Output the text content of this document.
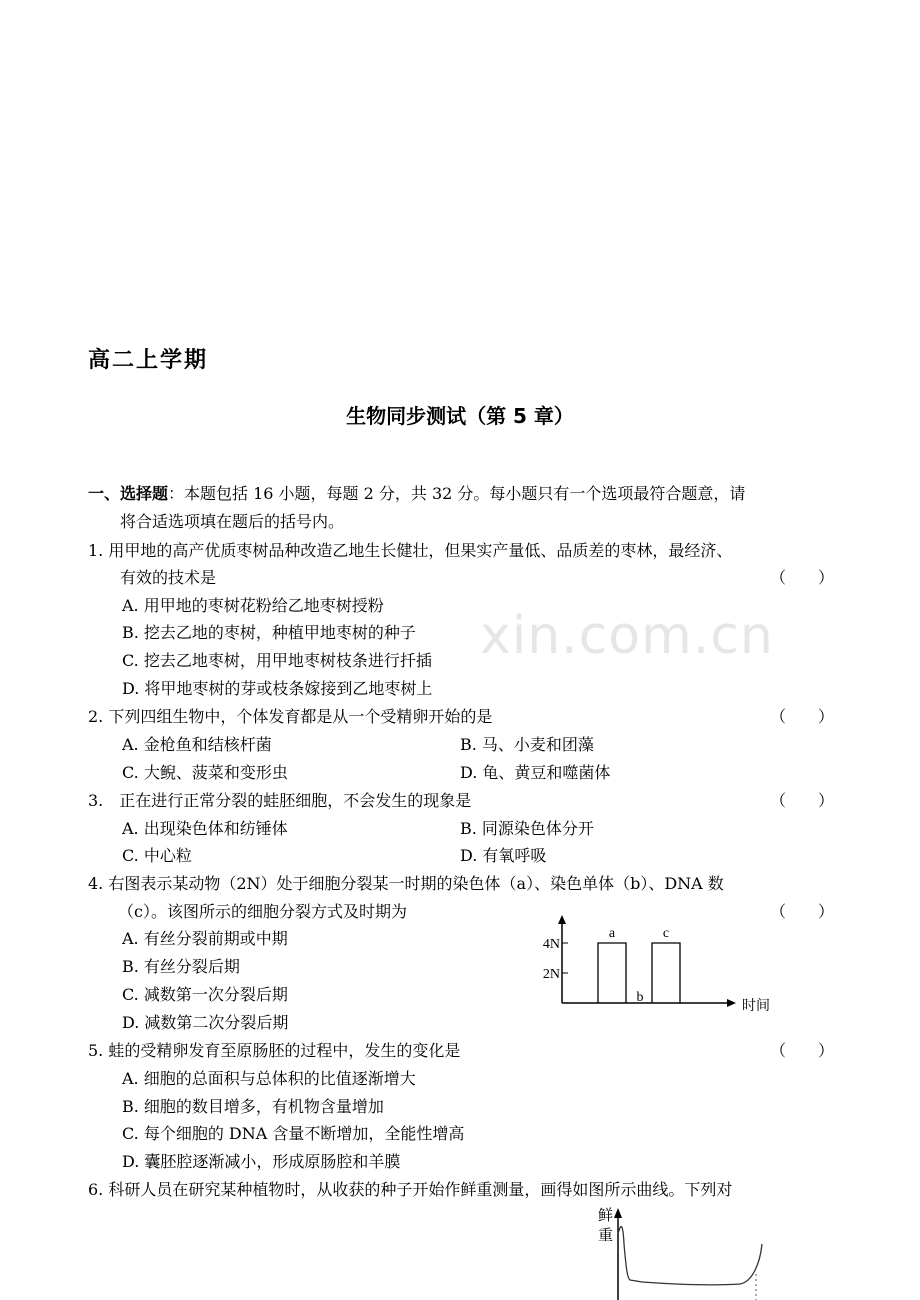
高二上学期
生物同步测试（第 5 章）
xin.com.cn
一、选择题：本题包括 16 小题，每题 2 分，共 32 分。每小题只有一个选项最符合题意，请
将合适选项填在题后的括号内。
1. 用甲地的高产优质枣树品种改造乙地生长健壮，但果实产量低、品质差的枣林，最经济、
有效的技术是	（　　）
A. 用甲地的枣树花粉给乙地枣树授粉
B. 挖去乙地的枣树，种植甲地枣树的种子
C. 挖去乙地枣树，用甲地枣树枝条进行扦插
D. 将甲地枣树的芽或枝条嫁接到乙地枣树上
2. 下列四组生物中，个体发育都是从一个受精卵开始的是	（　　）
A. 金枪鱼和结核杆菌	B. 马、小麦和团藻
C. 大鲵、菠菜和变形虫	D. 龟、黄豆和噬菌体
3.　正在进行正常分裂的蛙胚细胞，不会发生的现象是	（　　）
A. 出现染色体和纺锤体	B. 同源染色体分开
C. 中心粒	D. 有氧呼吸
4. 右图表示某动物（2N）处于细胞分裂某一时期的染色体（a）、染色单体（b）、DNA 数
（c）。该图所示的细胞分裂方式及时期为	（　　）
A. 有丝分裂前期或中期
B. 有丝分裂后期
C. 减数第一次分裂后期
D. 减数第二次分裂后期
2N
4N
时间
a
b
c
5. 蛙的受精卵发育至原肠胚的过程中，发生的变化是	（　　）
A. 细胞的总面积与总体积的比值逐渐增大
B. 细胞的数目增多，有机物含量增加
C. 每个细胞的 DNA 含量不断增加，全能性增高
D. 囊胚腔逐渐减小，形成原肠腔和羊膜
6. 科研人员在研究某种植物时，从收获的种子开始作鲜重测量，画得如图所示曲线。下列对
鲜
重
